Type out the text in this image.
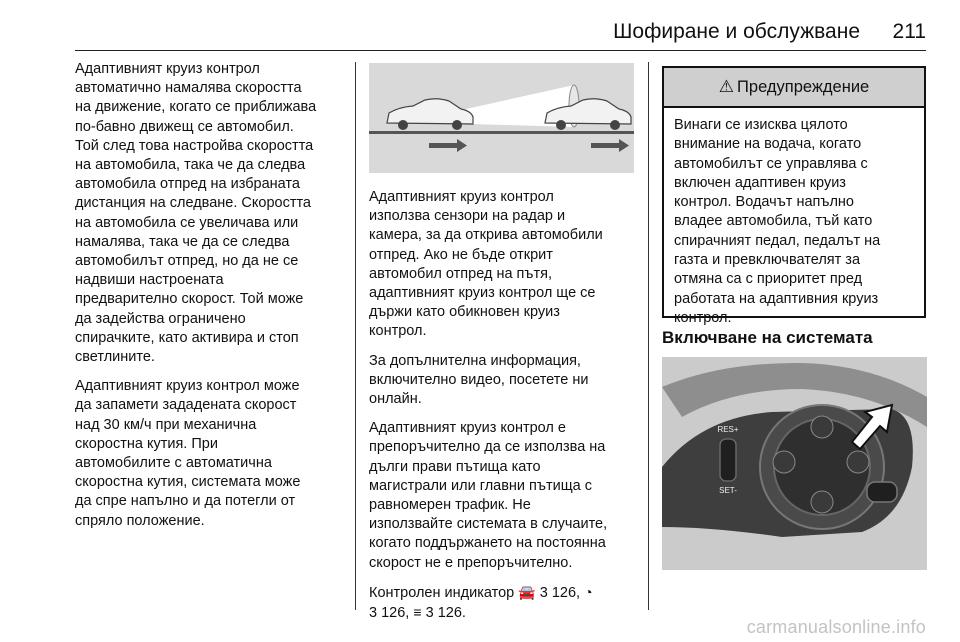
Шофиране и обслужване 211

Адаптивният круиз контрол
автоматично намалява скоростта
на движение, когато се приближава
по-бавно движещ се автомобил.
Той след това настройва скоростта
на автомобила, така че да следва
автомобила отпред на избраната
дистанция на следване. Скоростта
на автомобила се увеличава или
намалява, така че да се следва
автомобилът отпред, но да не се
надвиши настроената
предварително скорост. Той може
да задейства ограничено
спирачките, като активира и стоп
светлините.

Адаптивният круиз контрол може
да запамети зададената скорост
над 30 км/ч при механична
скоростна кутия. При
автомобилите с автоматична
скоростна кутия, системата може
да спре напълно и да потегли от
спряло положение.

Адаптивният круиз контрол
използва сензори на радар и
камера, за да открива автомобили
отпред. Ако не бъде открит
автомобил отпред на пътя,
адаптивният круиз контрол ще се
държи като обикновен круиз
контрол.

За допълнителна информация,
включително видео, посетете ни
онлайн.

Адаптивният круиз контрол е
препоръчително да се използва на
дълги прави пътища като
магистрали или главни пътища с
равномерен трафик. Не
използвайте системата в случаите,
когато поддържането на постоянна
скорост не е препоръчително.

Контролен индикатор 🚘 3 126, ◔
3 126, ≡ 3 126.

⚠ Предупреждение
Винаги се изисква цялото
внимание на водача, когато
автомобилът се управлява с
включен адаптивен круиз
контрол. Водачът напълно
владее автомобила, тъй като
спирачният педал, педалът на
газта и превключвателят за
отмяна са с приоритет пред
работата на адаптивния круиз
контрол.
Включване на системата
RES+
SET-
carmanualsonline.info
